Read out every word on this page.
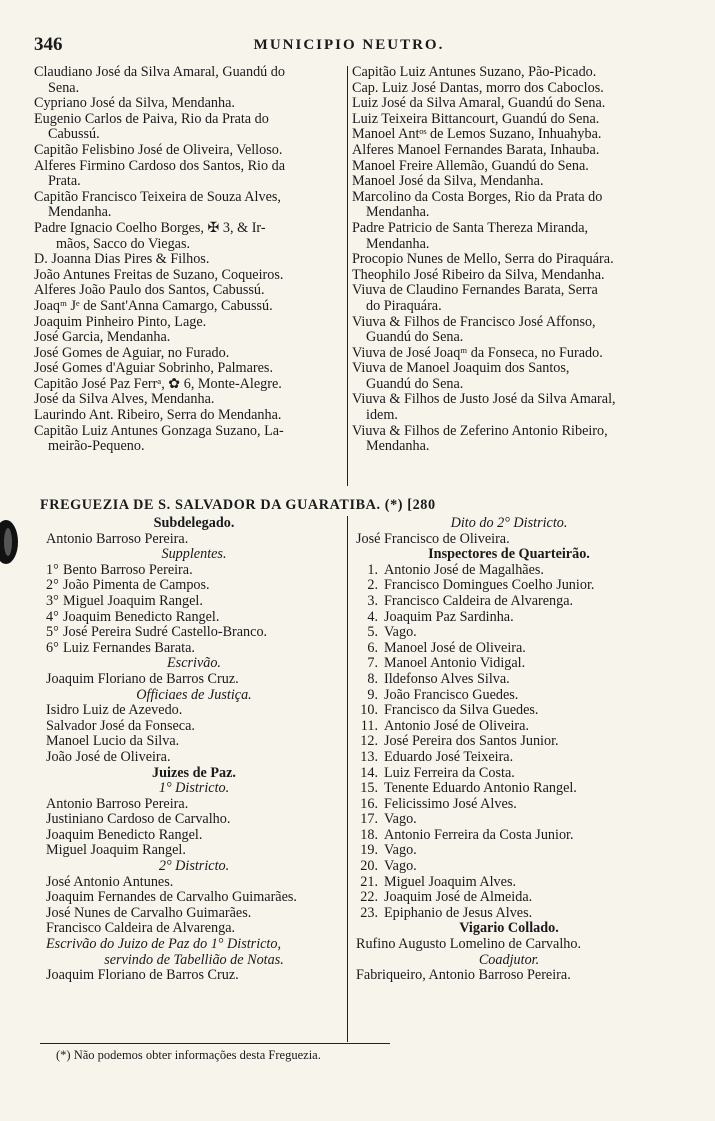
346	MUNICIPIO NEUTRO.
Claudiano José da Silva Amaral, Guandú do
Sena.
Cypriano José da Silva, Mendanha.
Eugenio Carlos de Paiva, Rio da Prata do
Cabussú.
Capitão Felisbino José de Oliveira, Velloso.
Alferes Firmino Cardoso dos Santos, Rio da
Prata.
Capitão Francisco Teixeira de Souza Alves,
Mendanha.
Padre Ignacio Coelho Borges, ✠ 3, & Ir-
mãos, Sacco do Viegas.
D. Joanna Dias Pires & Filhos.
João Antunes Freitas de Suzano, Coqueiros.
Alferes João Paulo dos Santos, Cabussú.
Joaqᵐ Jᵉ de Sant'Anna Camargo, Cabussú.
Joaquim Pinheiro Pinto, Lage.
José Garcia, Mendanha.
José Gomes de Aguiar, no Furado.
José Gomes d'Aguiar Sobrinho, Palmares.
Capitão José Paz Ferrᵃ, ✿ 6, Monte-Alegre.
José da Silva Alves, Mendanha.
Laurindo Ant. Ribeiro, Serra do Mendanha.
Capitão Luiz Antunes Gonzaga Suzano, La-
meirão-Pequeno.
Capitão Luiz Antunes Suzano, Pão-Picado.
Cap. Luiz José Dantas, morro dos Caboclos.
Luiz José da Silva Amaral, Guandú do Sena.
Luiz Teixeira Bittancourt, Guandú do Sena.
Manoel Antᵒˢ de Lemos Suzano, Inhuahyba.
Alferes Manoel Fernandes Barata, Inhauba.
Manoel Freire Allemão, Guandú do Sena.
Manoel José da Silva, Mendanha.
Marcolino da Costa Borges, Rio da Prata do
Mendanha.
Padre Patricio de Santa Thereza Miranda,
Mendanha.
Procopio Nunes de Mello, Serra do Piraquára.
Theophilo José Ribeiro da Silva, Mendanha.
Viuva de Claudino Fernandes Barata, Serra
do Piraquára.
Viuva & Filhos de Francisco José Affonso,
Guandú do Sena.
Viuva de José Joaqᵐ da Fonseca, no Furado.
Viuva de Manoel Joaquim dos Santos,
Guandú do Sena.
Viuva & Filhos de Justo José da Silva Amaral,
idem.
Viuva & Filhos de Zeferino Antonio Ribeiro,
Mendanha.
FREGUEZIA DE S. SALVADOR DA GUARATIBA. (*) [280
Subdelegado.
Antonio Barroso Pereira.
Supplentes.
1° Bento Barroso Pereira.
2° João Pimenta de Campos.
3° Miguel Joaquim Rangel.
4° Joaquim Benedicto Rangel.
5° José Pereira Sudré Castello-Branco.
6° Luiz Fernandes Barata.
Escrivão.
Joaquim Floriano de Barros Cruz.
Officiaes de Justiça.
Isidro Luiz de Azevedo.
Salvador José da Fonseca.
Manoel Lucio da Silva.
João José de Oliveira.
Juizes de Paz.
1° Districto.
Antonio Barroso Pereira.
Justiniano Cardoso de Carvalho.
Joaquim Benedicto Rangel.
Miguel Joaquim Rangel.
2° Districto.
José Antonio Antunes.
Joaquim Fernandes de Carvalho Guimarães.
José Nunes de Carvalho Guimarães.
Francisco Caldeira de Alvarenga.
Escrivão do Juizo de Paz do 1° Districto,
servindo de Tabellião de Notas.
Joaquim Floriano de Barros Cruz.
Dito do 2° Districto.
José Francisco de Oliveira.
Inspectores de Quarteirão.
1. Antonio José de Magalhães.
2. Francisco Domingues Coelho Junior.
3. Francisco Caldeira de Alvarenga.
4. Joaquim Paz Sardinha.
5. Vago.
6. Manoel José de Oliveira.
7. Manoel Antonio Vidigal.
8. Ildefonso Alves Silva.
9. João Francisco Guedes.
10. Francisco da Silva Guedes.
11. Antonio José de Oliveira.
12. José Pereira dos Santos Junior.
13. Eduardo José Teixeira.
14. Luiz Ferreira da Costa.
15. Tenente Eduardo Antonio Rangel.
16. Felicissimo José Alves.
17. Vago.
18. Antonio Ferreira da Costa Junior.
19. Vago.
20. Vago.
21. Miguel Joaquim Alves.
22. Joaquim José de Almeida.
23. Epiphanio de Jesus Alves.
Vigario Collado.
Rufino Augusto Lomelino de Carvalho.
Coadjutor.
Fabriqueiro, Antonio Barroso Pereira.
(*) Não podemos obter informações desta Freguezia.
